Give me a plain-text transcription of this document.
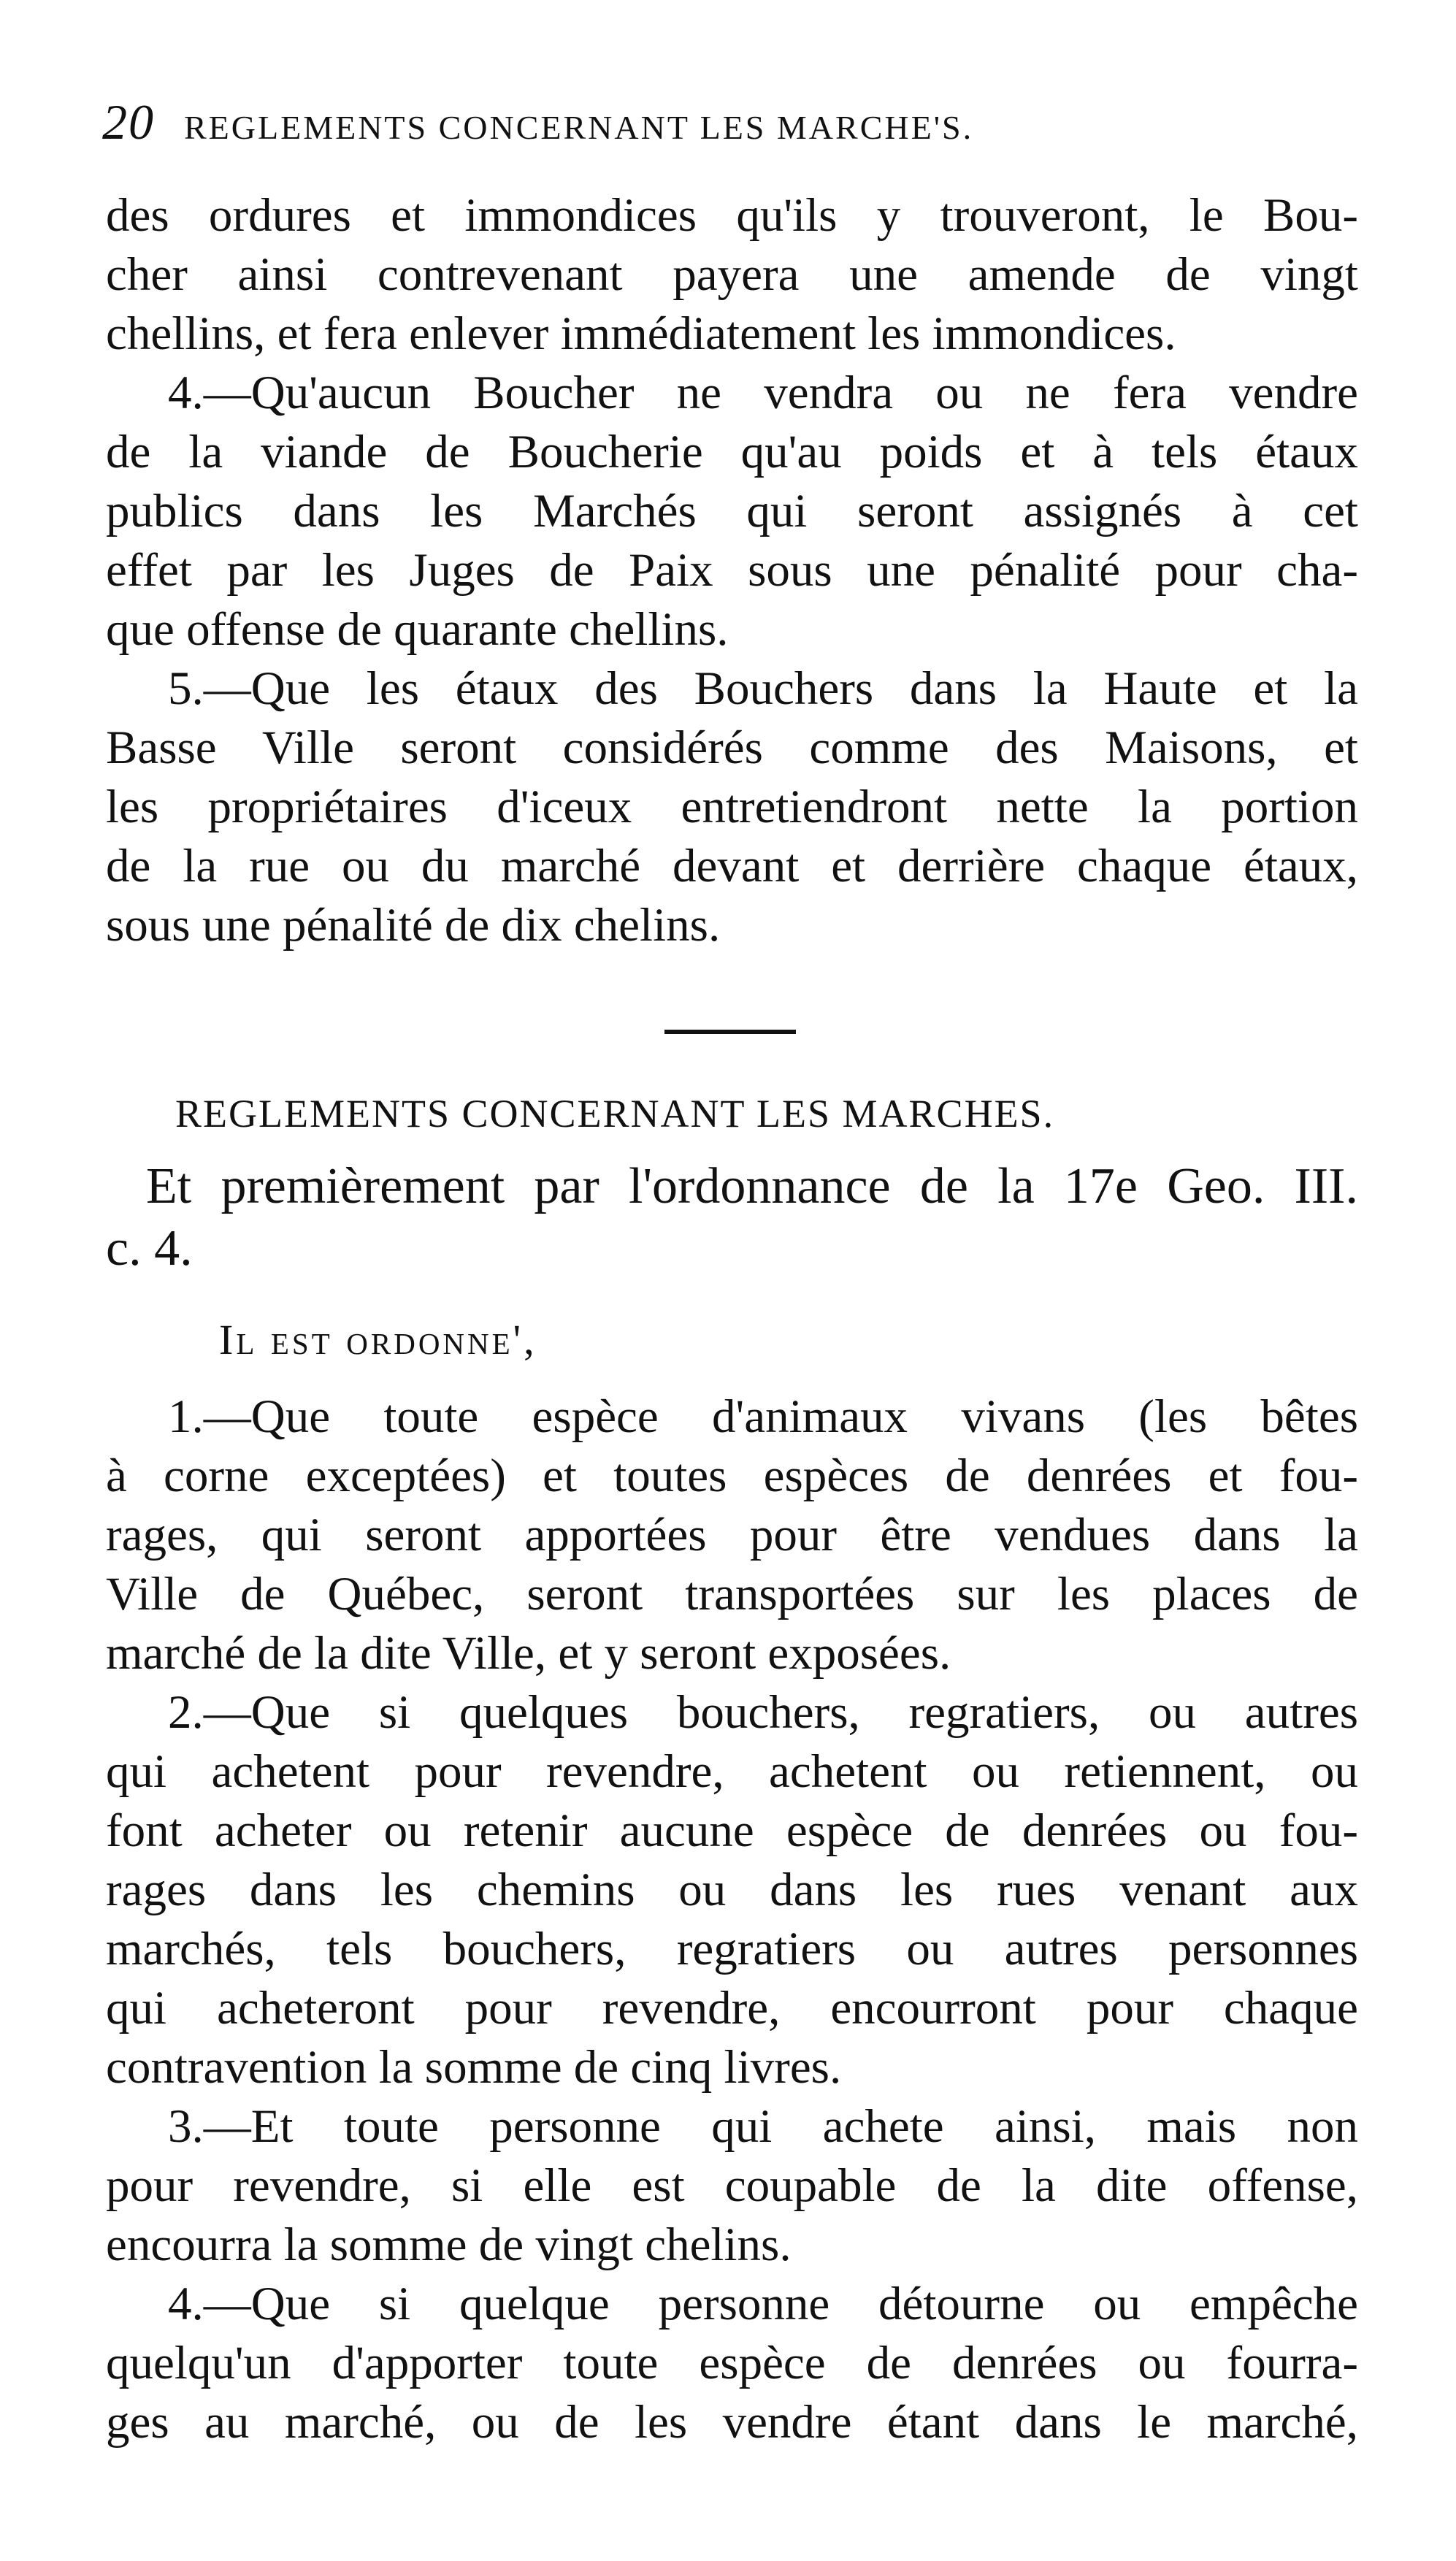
20 REGLEMENTS CONCERNANT LES MARCHE'S.
des ordures et immondices qu'ils y trouveront, le Bou-
cher ainsi contrevenant payera une amende de vingt
chellins, et fera enlever immédiatement les immondices.
4.—Qu'aucun Boucher ne vendra ou ne fera vendre
de la viande de Boucherie qu'au poids et à tels étaux
publics dans les Marchés qui seront assignés à cet
effet par les Juges de Paix sous une pénalité pour cha-
que offense de quarante chellins.
5.—Que les étaux des Bouchers dans la Haute et la
Basse Ville seront considérés comme des Maisons, et
les propriétaires d'iceux entretiendront nette la portion
de la rue ou du marché devant et derrière chaque étaux,
sous une pénalité de dix chelins.
REGLEMENTS CONCERNANT LES MARCHES.
Et premièrement par l'ordonnance de la 17e Geo. III.
c. 4.
Il est ordonne',
1.—Que toute espèce d'animaux vivans (les bêtes
à corne exceptées) et toutes espèces de denrées et fou-
rages, qui seront apportées pour être vendues dans la
Ville de Québec, seront transportées sur les places de
marché de la dite Ville, et y seront exposées.
2.—Que si quelques bouchers, regratiers, ou autres
qui achetent pour revendre, achetent ou retiennent, ou
font acheter ou retenir aucune espèce de denrées ou fou-
rages dans les chemins ou dans les rues venant aux
marchés, tels bouchers, regratiers ou autres personnes
qui acheteront pour revendre, encourront pour chaque
contravention la somme de cinq livres.
3.—Et toute personne qui achete ainsi, mais non
pour revendre, si elle est coupable de la dite offense,
encourra la somme de vingt chelins.
4.—Que si quelque personne détourne ou empêche
quelqu'un d'apporter toute espèce de denrées ou fourra-
ges au marché, ou de les vendre étant dans le marché,
